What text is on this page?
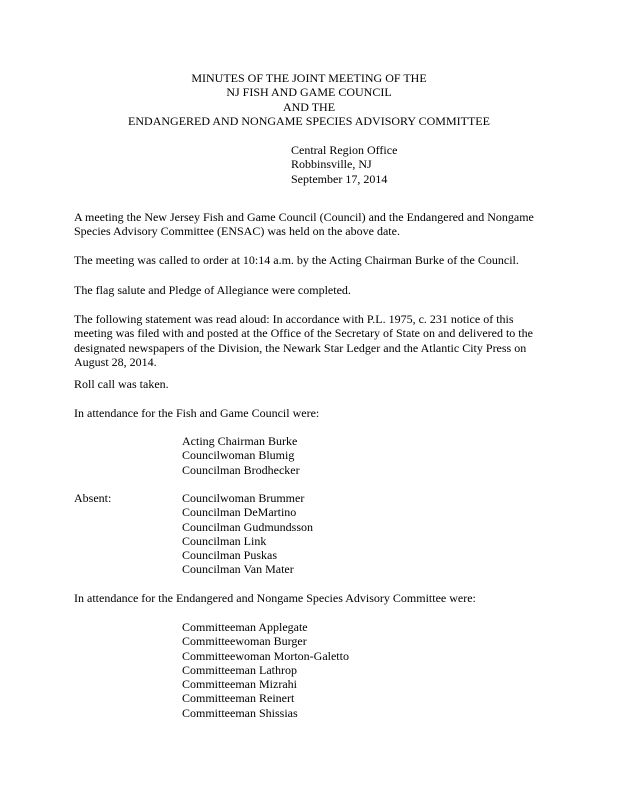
MINUTES OF THE JOINT MEETING OF THE
NJ FISH AND GAME COUNCIL
AND THE
ENDANGERED AND NONGAME SPECIES ADVISORY COMMITTEE
Central Region Office
Robbinsville, NJ
September 17, 2014

A meeting the New Jersey Fish and Game Council (Council) and the Endangered and Nongame Species Advisory Committee (ENSAC) was held on the above date.

The meeting was called to order at 10:14 a.m. by the Acting Chairman Burke of the Council.

The flag salute and Pledge of Allegiance were completed.

The following statement was read aloud: In accordance with P.L. 1975, c. 231 notice of this meeting was filed with and posted at the Office of the Secretary of State on and delivered to the designated newspapers of the Division, the Newark Star Ledger and the Atlantic City Press on August 28, 2014.

Roll call was taken.

In attendance for the Fish and Game Council were:

Acting Chairman Burke
Councilwoman Blumig
Councilman Brodhecker
Absent:	Councilwoman Brummer
Councilman DeMartino
Councilman Gudmundsson
Councilman Link
Councilman Puskas
Councilman Van Mater

In attendance for the Endangered and Nongame Species Advisory Committee were:

Committeeman Applegate
Committeewoman Burger
Committeewoman Morton-Galetto
Committeeman Lathrop
Committeeman Mizrahi
Committeeman Reinert
Committeeman Shissias
